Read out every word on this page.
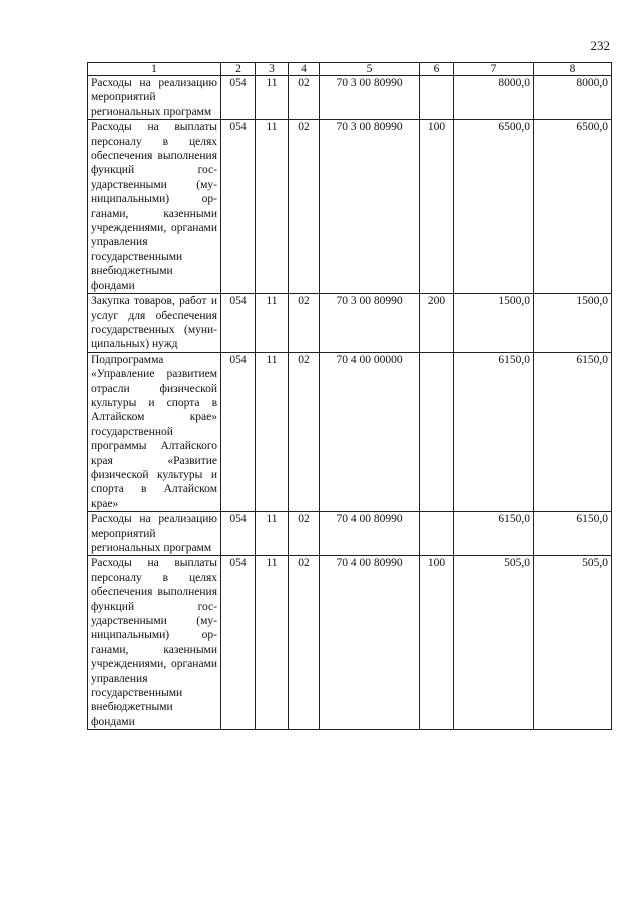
232
1	2	3	4	5	6	7	8
Расходы на реализацию мероприятий региональных программ	054	11	02	70 3 00 80990		8000,0	8000,0
Расходы на выплаты персоналу в целях обеспечения выполнения функций государственными (муниципальными) органами, казенными учреждениями, органами управления государственными внебюджетными фондами	054	11	02	70 3 00 80990	100	6500,0	6500,0
Закупка товаров, работ и услуг для обеспечения государственных (муниципальных) нужд	054	11	02	70 3 00 80990	200	1500,0	1500,0
Подпрограмма «Управление развитием отрасли физической культуры и спорта в Алтайском крае» государственной программы Алтайского края «Развитие физической культуры и спорта в Алтайском крае»	054	11	02	70 4 00 00000		6150,0	6150,0
Расходы на реализацию мероприятий региональных программ	054	11	02	70 4 00 80990		6150,0	6150,0
Расходы на выплаты персоналу в целях обеспечения выполнения функций государственными (муниципальными) органами, казенными учреждениями, органами управления государственными внебюджетными фондами	054	11	02	70 4 00 80990	100	505,0	505,0
